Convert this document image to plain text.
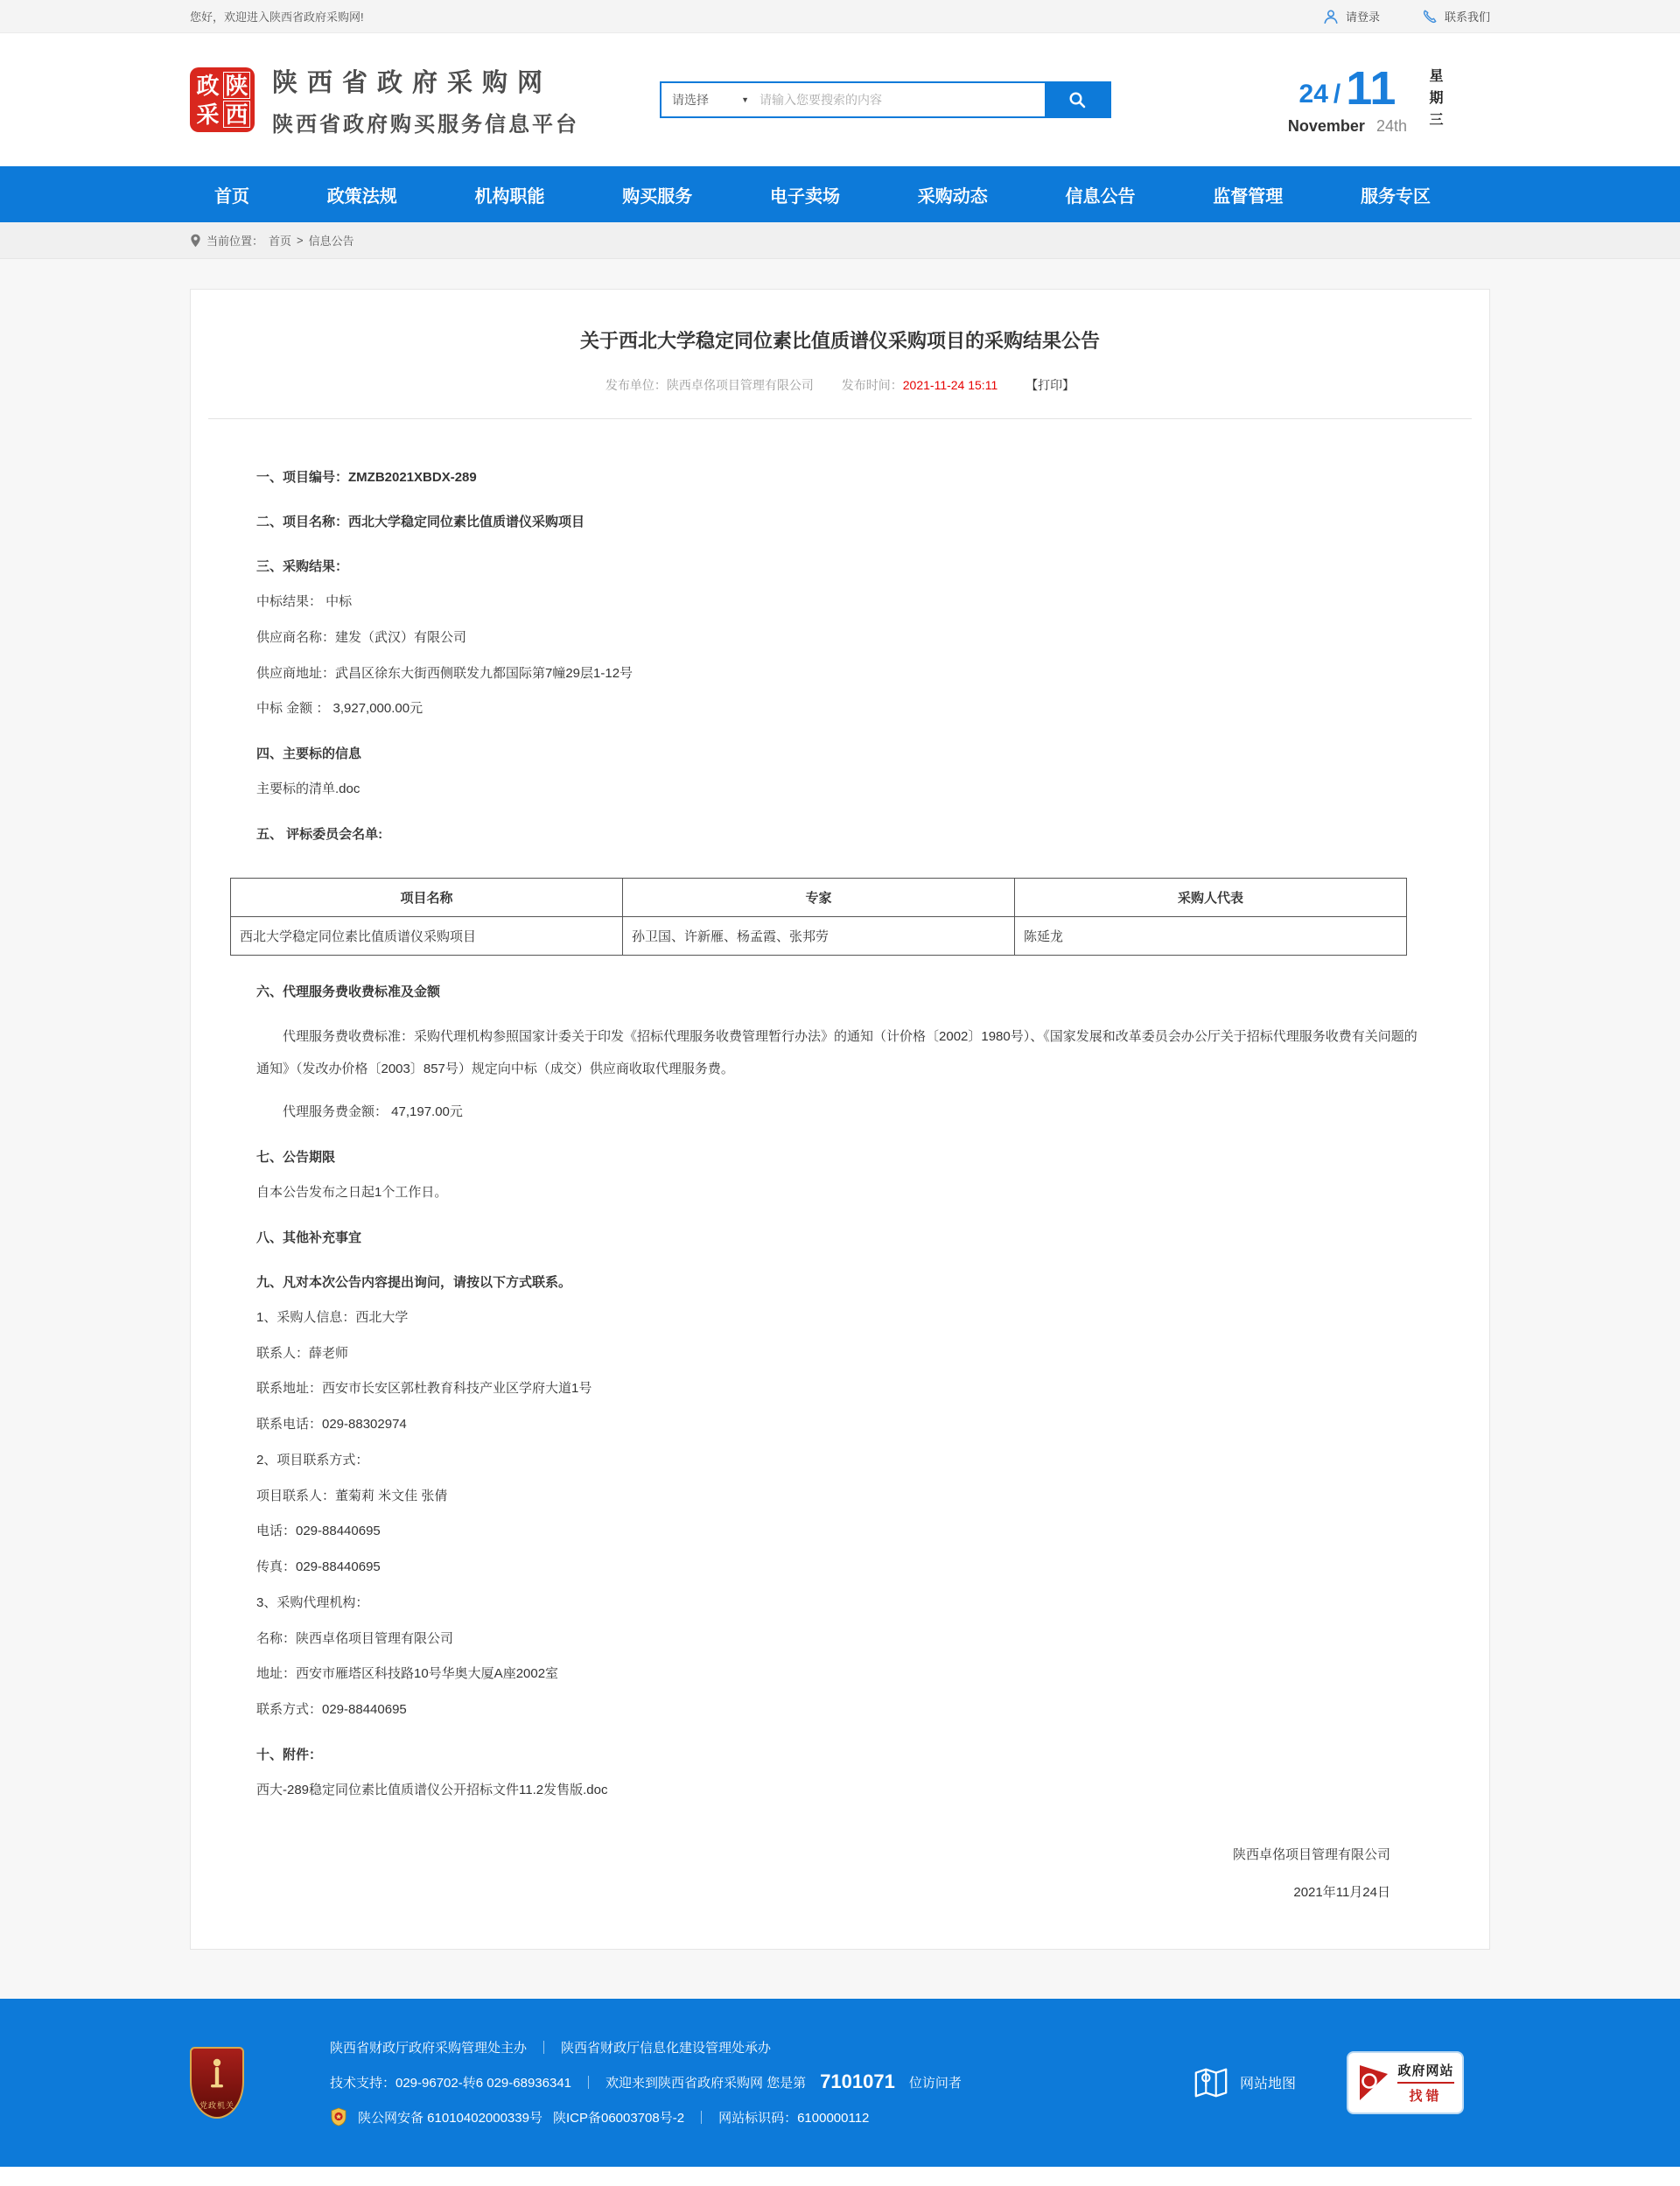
您好，欢迎进入陕西省政府采购网!	请登录	联系我们
政 陕
采 西
陕西省政府采购网
陕西省政府购买服务信息平台
请选择	▼
请输入您要搜索的内容	24 / 11
November 24th 星期三
首页	政策法规	机构职能	购买服务	电子卖场	采购动态	信息公告	监督管理	服务专区
当前位置： 首页 > 信息公告
关于西北大学稳定同位素比值质谱仪采购项目的采购结果公告
发布单位：陕西卓佲项目管理有限公司 发布时间：2021-11-24 15:11 【打印】
一、项目编号：ZMZB2021XBDX-289
二、项目名称：西北大学稳定同位素比值质谱仪采购项目
三、采购结果：
中标结果： 中标
供应商名称：建发（武汉）有限公司
供应商地址：武昌区徐东大街西侧联发九都国际第7幢29层1-12号
中标 金额 ： 3,927,000.00元
四、主要标的信息
主要标的清单.doc
五、 评标委员会名单:
项目名称	专家	采购人代表
西北大学稳定同位素比值质谱仪采购项目	孙卫国、许新雁、杨孟霞、张邦劳	陈延龙
六、代理服务费收费标准及金额
代理服务费收费标准：采购代理机构参照国家计委关于印发《招标代理服务收费管理暂行办法》的通知（计价格〔2002〕1980号）、《国家发展和改革委员会办公厅关于招标代理服务收费有关问题的通知》（发改办价格〔2003〕857号）规定向中标（成交）供应商收取代理服务费。
代理服务费金额： 47,197.00元
七、公告期限
自本公告发布之日起1个工作日。
八、其他补充事宜
九、凡对本次公告内容提出询问，请按以下方式联系。
1、采购人信息：西北大学
联系人：薛老师
联系地址：西安市长安区郭杜教育科技产业区学府大道1号
联系电话：029-88302974
2、项目联系方式：
项目联系人：董菊莉 米文佳 张倩
电话：029-88440695
传真：029-88440695
3、采购代理机构：
名称：陕西卓佲项目管理有限公司
地址：西安市雁塔区科技路10号华奥大厦A座2002室
联系方式：029-88440695
十、附件：
西大-289稳定同位素比值质谱仪公开招标文件11.2发售版.doc
陕西卓佲项目管理有限公司
2021年11月24日
党政机关
陕西省财政厅政府采购管理处主办 ｜ 陕西省财政厅信息化建设管理处承办
技术支持：029-96702-转6 029-68936341 ｜ 欢迎来到陕西省政府采购网 您是第 7101071 位访问者
陕公网安备 61010402000339号 陕ICP备06003708号-2 ｜ 网站标识码：6100000112
网站地图
政府网站
找错
